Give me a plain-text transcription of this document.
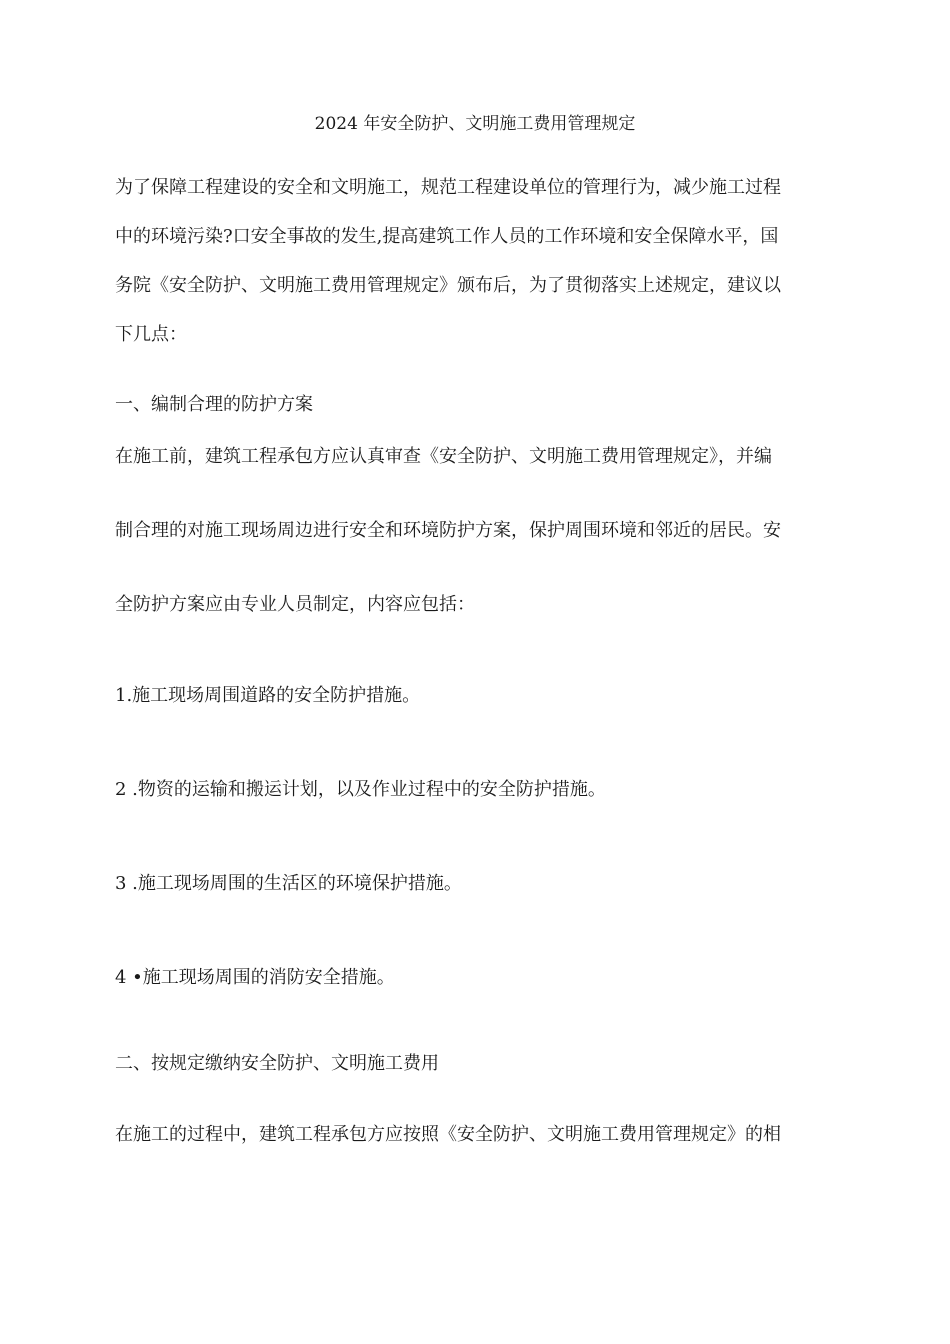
2024 年安全防护、文明施工费用管理规定
为了保障工程建设的安全和文明施工，规范工程建设单位的管理行为，减少施工过程
中的环境污染?口安全事故的发生,提高建筑工作人员的工作环境和安全保障水平，国
务院《安全防护、文明施工费用管理规定》颁布后，为了贯彻落实上述规定，建议以
下几点：
一、编制合理的防护方案
在施工前，建筑工程承包方应认真审查《安全防护、文明施工费用管理规定》，并编
制合理的对施工现场周边进行安全和环境防护方案，保护周围环境和邻近的居民。安
全防护方案应由专业人员制定，内容应包括：
1.施工现场周围道路的安全防护措施。
2 .物资的运输和搬运计划，以及作业过程中的安全防护措施。
3 .施工现场周围的生活区的环境保护措施。
4 •施工现场周围的消防安全措施。
二、按规定缴纳安全防护、文明施工费用
在施工的过程中，建筑工程承包方应按照《安全防护、文明施工费用管理规定》的相
